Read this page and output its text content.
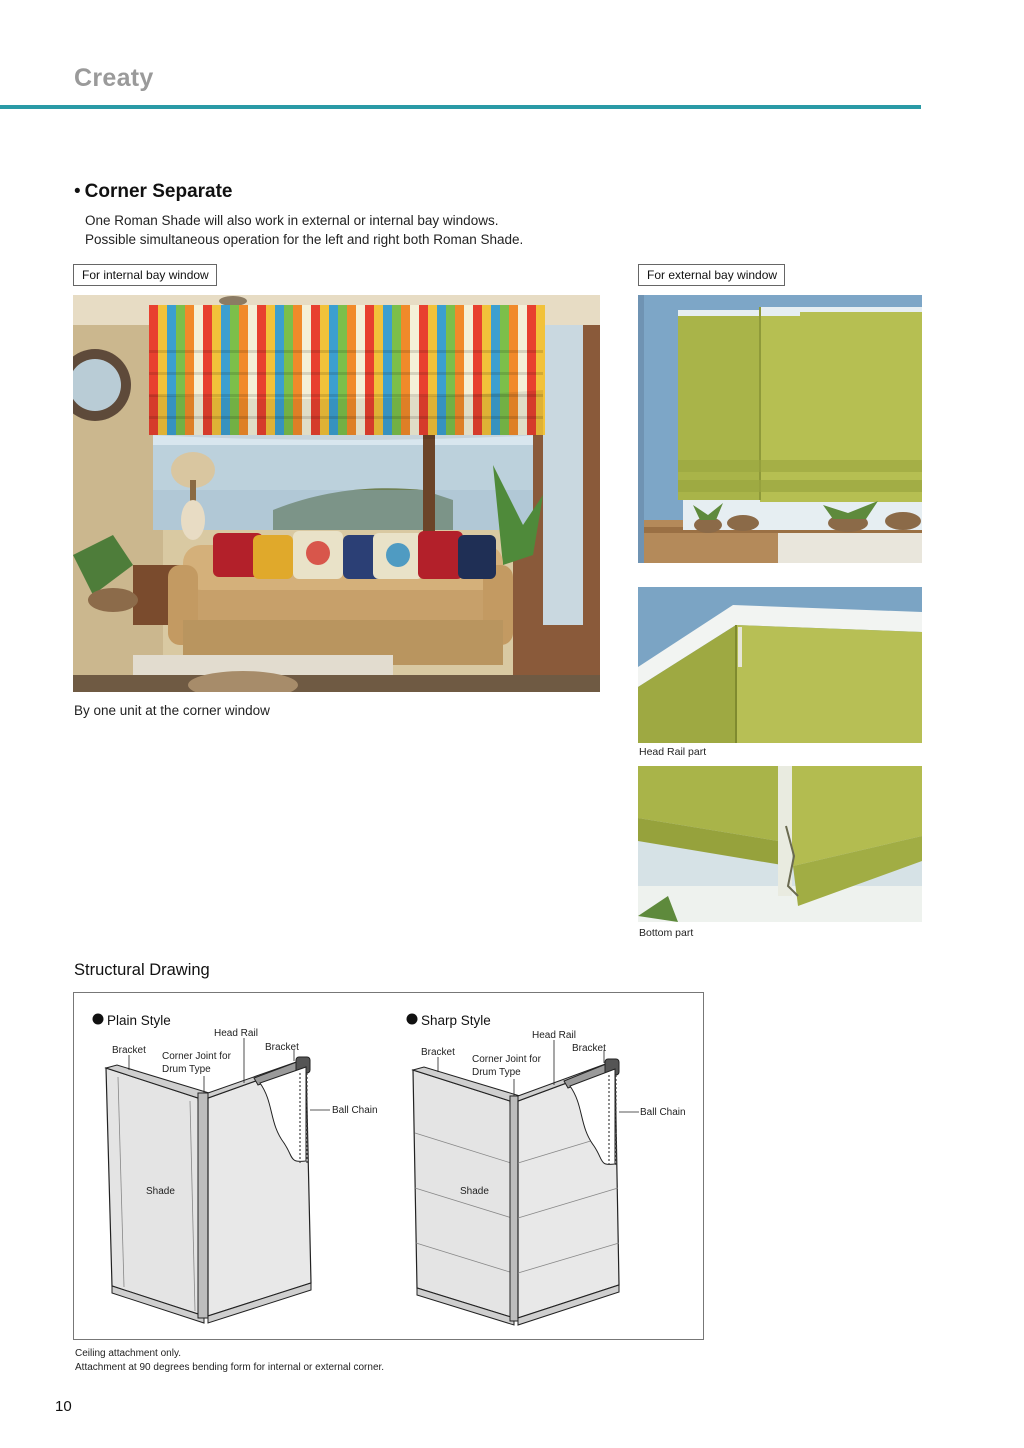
Creaty
• Corner Separate
One Roman Shade will also work in external or internal bay windows.
Possible simultaneous operation for the left and right both Roman Shade.
For internal bay window	For external bay window
By one unit at the corner window
Head Rail part
Bottom part
Structural Drawing
Plain Style
Head Rail
Bracket	Bracket
Corner Joint for
Drum Type
Ball Chain
Shade
Sharp Style
Head Rail
Bracket	Bracket
Corner Joint for
Drum Type
Ball Chain
Shade
Ceiling attachment only.
Attachment at 90 degrees bending form for internal or external corner.
10
